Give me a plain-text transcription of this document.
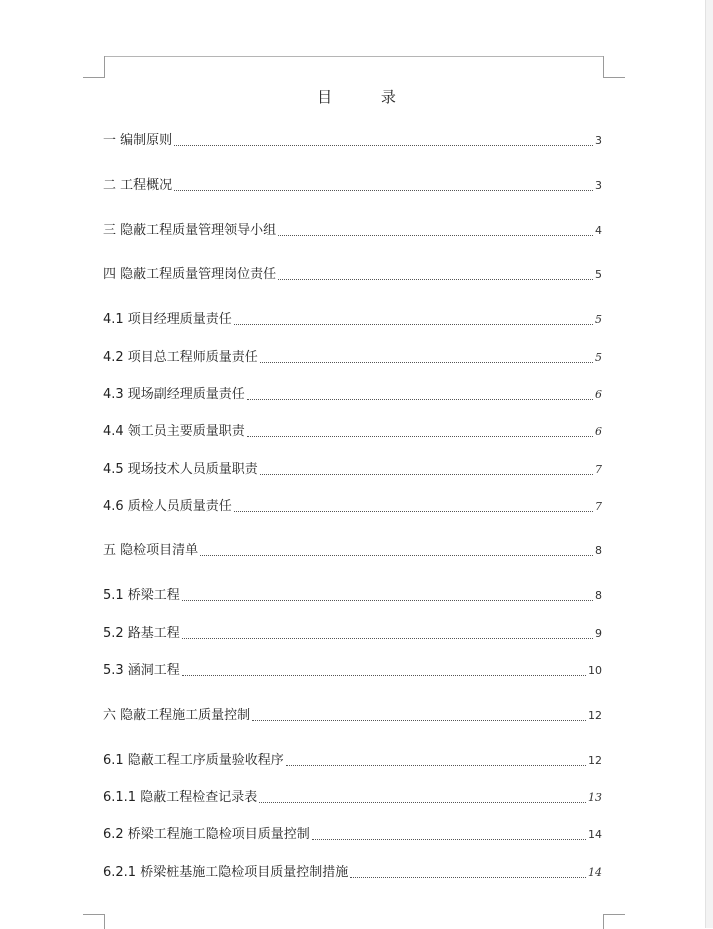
目 录
一 编制原则	3
二 工程概况	3
三 隐蔽工程质量管理领导小组	4
四 隐蔽工程质量管理岗位责任	5
4.1 项目经理质量责任	5
4.2 项目总工程师质量责任	5
4.3 现场副经理质量责任	6
4.4 领工员主要质量职责	6
4.5 现场技术人员质量职责	7
4.6 质检人员质量责任	7
五 隐检项目清单	8
5.1 桥梁工程	8
5.2 路基工程	9
5.3 涵洞工程	10
六 隐蔽工程施工质量控制	12
6.1 隐蔽工程工序质量验收程序	12
6.1.1 隐蔽工程检查记录表	13
6.2 桥梁工程施工隐检项目质量控制	14
6.2.1 桥梁桩基施工隐检项目质量控制措施	14
